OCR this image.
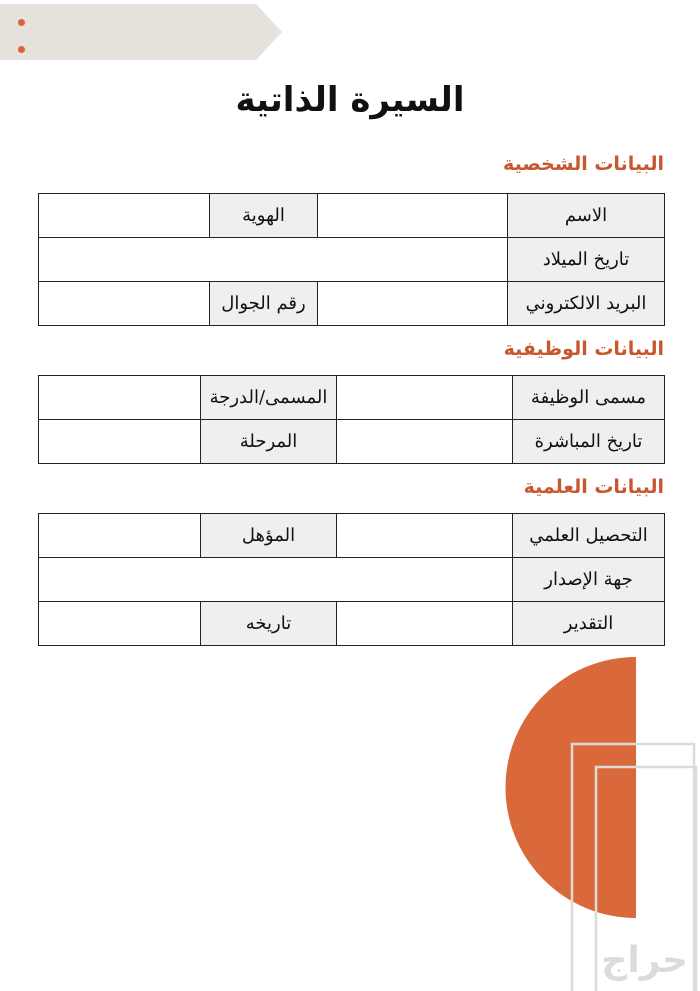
السيرة الذاتية
البيانات الشخصية
الاسم		الهوية	
تاريخ الميلاد			
البريد الالكتروني		رقم الجوال	
البيانات الوظيفية
مسمى الوظيفة		المسمى/الدرجة	
تاريخ المباشرة		المرحلة	
البيانات العلمية
التحصيل العلمي		المؤهل	
جهة الإصدار			
التقدير		تاريخه	
حراج
